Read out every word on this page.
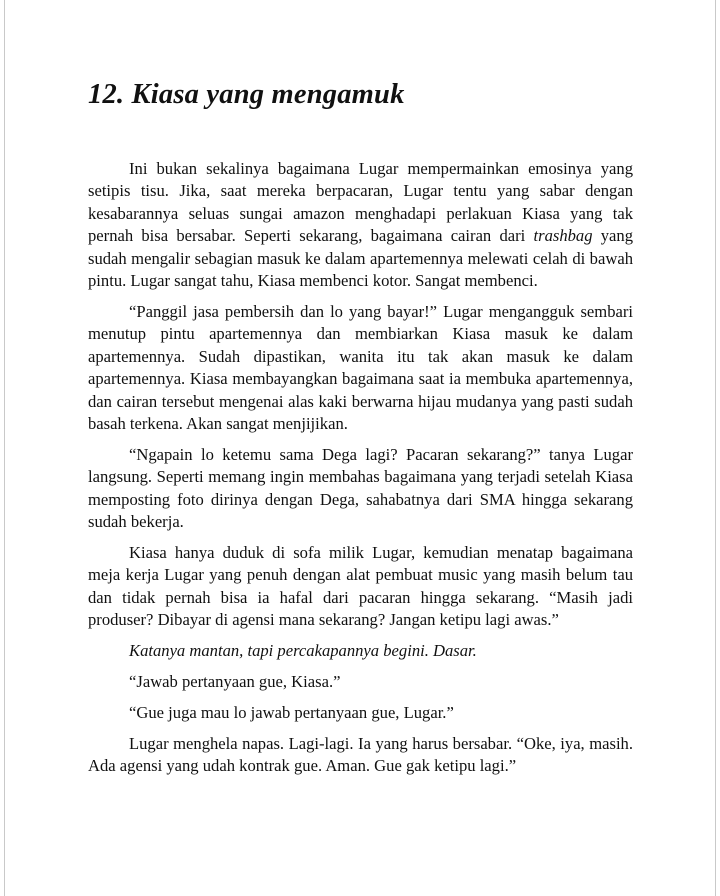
12. Kiasa yang mengamuk

Ini bukan sekalinya bagaimana Lugar mempermainkan emosinya yang setipis tisu. Jika, saat mereka berpacaran, Lugar tentu yang sabar dengan kesabarannya seluas sungai amazon menghadapi perlakuan Kiasa yang tak pernah bisa bersabar. Seperti sekarang, bagaimana cairan dari trashbag yang sudah mengalir sebagian masuk ke dalam apartemennya melewati celah di bawah pintu. Lugar sangat tahu, Kiasa membenci kotor. Sangat membenci.

“Panggil jasa pembersih dan lo yang bayar!” Lugar mengangguk sembari menutup pintu apartemennya dan membiarkan Kiasa masuk ke dalam apartemennya. Sudah dipastikan, wanita itu tak akan masuk ke dalam apartemennya. Kiasa membayangkan bagaimana saat ia membuka apartemennya, dan cairan tersebut mengenai alas kaki berwarna hijau mudanya yang pasti sudah basah terkena. Akan sangat menjijikan.

“Ngapain lo ketemu sama Dega lagi? Pacaran sekarang?” tanya Lugar langsung. Seperti memang ingin membahas bagaimana yang terjadi setelah Kiasa memposting foto dirinya dengan Dega, sahabatnya dari SMA hingga sekarang sudah bekerja.

Kiasa hanya duduk di sofa milik Lugar, kemudian menatap bagaimana meja kerja Lugar yang penuh dengan alat pembuat music yang masih belum tau dan tidak pernah bisa ia hafal dari pacaran hingga sekarang. “Masih jadi produser? Dibayar di agensi mana sekarang? Jangan ketipu lagi awas.”

Katanya mantan, tapi percakapannya begini. Dasar.

“Jawab pertanyaan gue, Kiasa.”

“Gue juga mau lo jawab pertanyaan gue, Lugar.”

Lugar menghela napas. Lagi-lagi. Ia yang harus bersabar. “Oke, iya, masih. Ada agensi yang udah kontrak gue. Aman. Gue gak ketipu lagi.”
